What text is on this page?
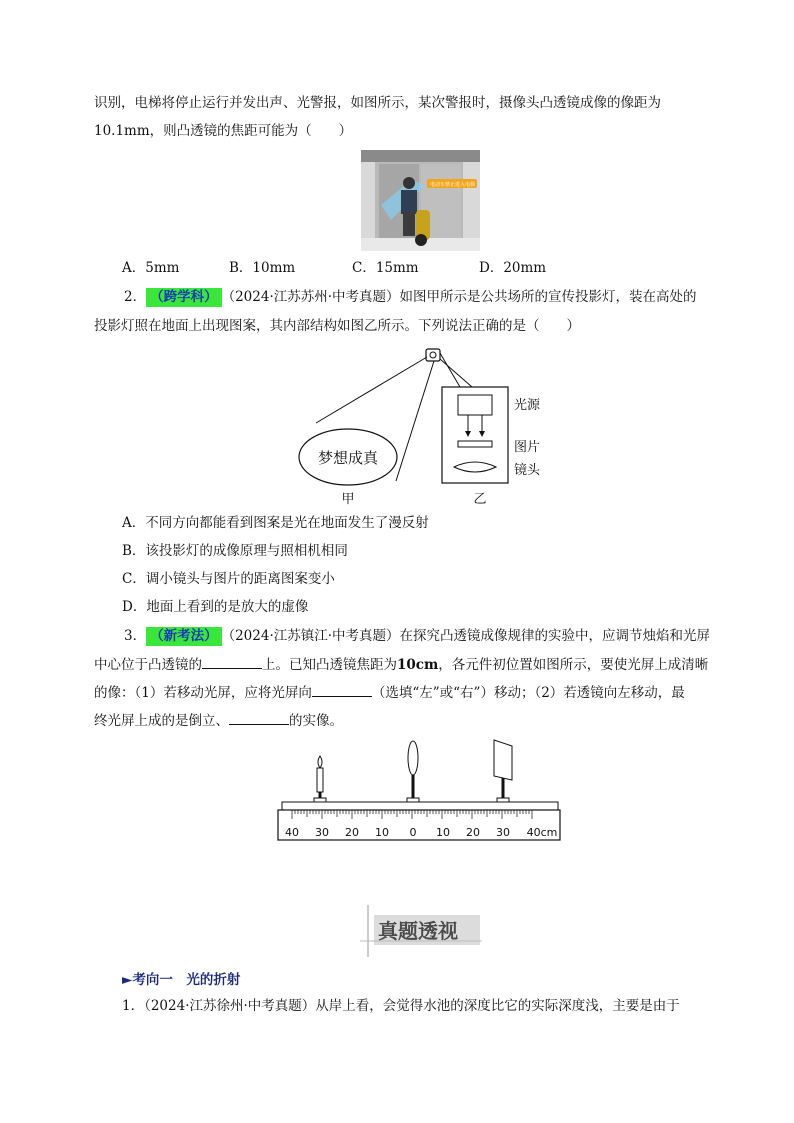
识别，电梯将停止运行并发出声、光警报，如图所示，某次警报时，摄像头凸透镜成像的像距为
10.1mm，则凸透镜的焦距可能为（　　）
电动车禁止进入电梯
A．5mm	B．10mm	C．15mm	D．20mm
2． （跨学科） （2024·江苏苏州·中考真题）如图甲所示是公共场所的宣传投影灯，装在高处的
投影灯照在地面上出现图案，其内部结构如图乙所示。下列说法正确的是（　　）
梦想成真
甲
光源
图片
镜头
乙
A．不同方向都能看到图案是光在地面发生了漫反射
B．该投影灯的成像原理与照相机相同
C．调小镜头与图片的距离图案变小
D．地面上看到的是放大的虚像
3． （新考法） （2024·江苏镇江·中考真题）在探究凸透镜成像规律的实验中，应调节烛焰和光屏
中心位于凸透镜的	上。已知凸透镜焦距为10cm，各元件初位置如图所示，要使光屏上成清晰
的像：（1）若移动光屏，应将光屏向	（选填“左”或“右”）移动；（2）若透镜向左移动，最
终光屏上成的是倒立、	的实像。
40 30 20 10 0 10 20 30 40cm
真题透视
►考向一　光的折射
1．（2024·江苏徐州·中考真题）从岸上看，会觉得水池的深度比它的实际深度浅，主要是由于
